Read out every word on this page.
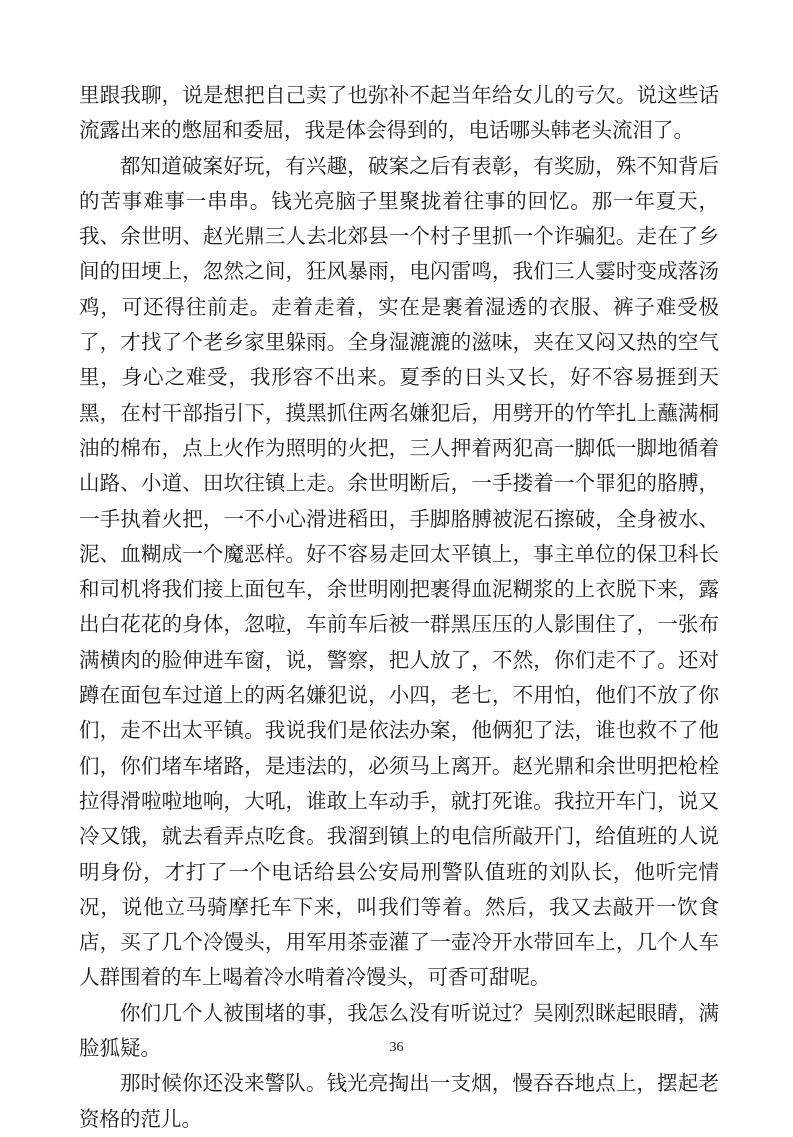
里跟我聊，说是想把自己卖了也弥补不起当年给女儿的亏欠。说这些话流露出来的憋屈和委屈，我是体会得到的，电话哪头韩老头流泪了。

都知道破案好玩，有兴趣，破案之后有表彰，有奖励，殊不知背后的苦事难事一串串。钱光亮脑子里聚拢着往事的回忆。那一年夏天，我、余世明、赵光鼎三人去北郊县一个村子里抓一个诈骗犯。走在了乡间的田埂上，忽然之间，狂风暴雨，电闪雷鸣，我们三人霎时变成落汤鸡，可还得往前走。走着走着，实在是裹着湿透的衣服、裤子难受极了，才找了个老乡家里躲雨。全身湿漉漉的滋味，夹在又闷又热的空气里，身心之难受，我形容不出来。夏季的日头又长，好不容易捱到天黑，在村干部指引下，摸黑抓住两名嫌犯后，用劈开的竹竿扎上蘸满桐油的棉布，点上火作为照明的火把，三人押着两犯高一脚低一脚地循着山路、小道、田坎往镇上走。余世明断后，一手搂着一个罪犯的胳膊，一手执着火把，一不小心滑进稻田，手脚胳膊被泥石擦破，全身被水、泥、血糊成一个魔恶样。好不容易走回太平镇上，事主单位的保卫科长和司机将我们接上面包车，余世明刚把裹得血泥糊浆的上衣脱下来，露出白花花的身体，忽啦，车前车后被一群黑压压的人影围住了，一张布满横肉的脸伸进车窗，说，警察，把人放了，不然，你们走不了。还对蹲在面包车过道上的两名嫌犯说，小四，老七，不用怕，他们不放了你们，走不出太平镇。我说我们是依法办案，他俩犯了法，谁也救不了他们，你们堵车堵路，是违法的，必须马上离开。赵光鼎和余世明把枪栓拉得滑啦啦地响，大吼，谁敢上车动手，就打死谁。我拉开车门，说又冷又饿，就去看弄点吃食。我溜到镇上的电信所敲开门，给值班的人说明身份，才打了一个电话给县公安局刑警队值班的刘队长，他听完情况，说他立马骑摩托车下来，叫我们等着。然后，我又去敲开一饮食店，买了几个冷馒头，用军用茶壶灌了一壶冷开水带回车上，几个人车人群围着的车上喝着冷水啃着冷馒头，可香可甜呢。

你们几个人被围堵的事，我怎么没有听说过？吴刚烈眯起眼睛，满脸狐疑。

那时候你还没来警队。钱光亮掏出一支烟，慢吞吞地点上，摆起老资格的范儿。

36
